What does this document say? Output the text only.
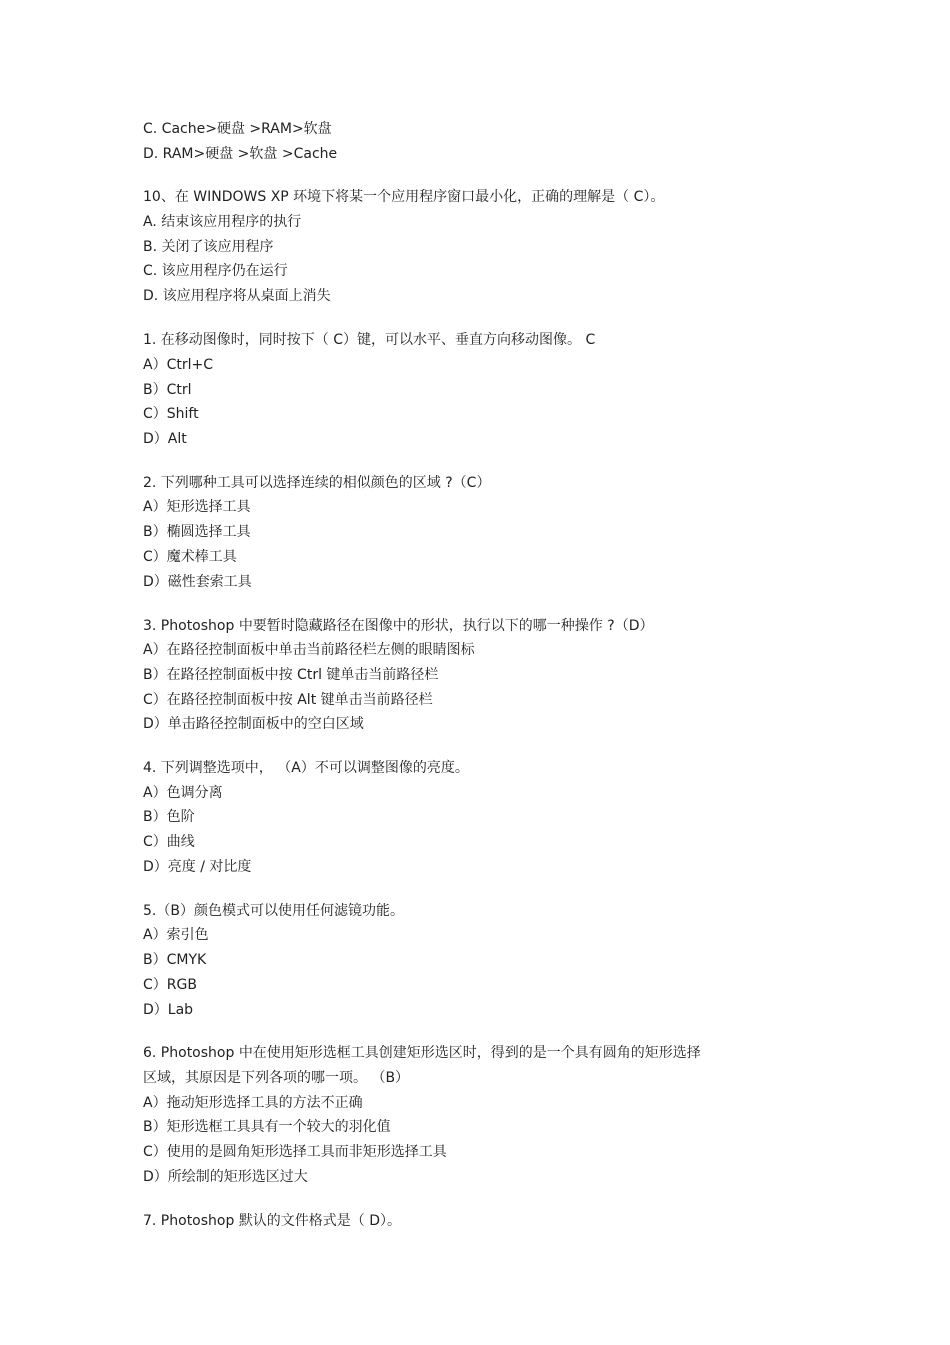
C. Cache>硬盘 >RAM>软盘
D. RAM>硬盘 >软盘 >Cache
10、在 WINDOWS XP 环境下将某一个应用程序窗口最小化，正确的理解是（ C）。
A. 结束该应用程序的执行
B. 关闭了该应用程序
C. 该应用程序仍在运行
D. 该应用程序将从桌面上消失
1. 在移动图像时，同时按下（ C）键，可以水平、垂直方向移动图像。 C
A）Ctrl+C
B）Ctrl
C）Shift
D）Alt
2. 下列哪种工具可以选择连续的相似颜色的区域 ?（C）
A）矩形选择工具
B）椭圆选择工具
C）魔术棒工具
D）磁性套索工具
3. Photoshop 中要暂时隐藏路径在图像中的形状，执行以下的哪一种操作 ?（D）
A）在路径控制面板中单击当前路径栏左侧的眼睛图标
B）在路径控制面板中按 Ctrl 键单击当前路径栏
C）在路径控制面板中按 Alt 键单击当前路径栏
D）单击路径控制面板中的空白区域
4. 下列调整选项中， （A）不可以调整图像的亮度。
A）色调分离
B）色阶
C）曲线
D）亮度 / 对比度
5.（B）颜色模式可以使用任何滤镜功能。
A）索引色
B）CMYK
C）RGB
D）Lab
6. Photoshop 中在使用矩形选框工具创建矩形选区时，得到的是一个具有圆角的矩形选择
区域，其原因是下列各项的哪一项。 （B）
A）拖动矩形选择工具的方法不正确
B）矩形选框工具具有一个较大的羽化值
C）使用的是圆角矩形选择工具而非矩形选择工具
D）所绘制的矩形选区过大
7. Photoshop 默认的文件格式是（ D）。
